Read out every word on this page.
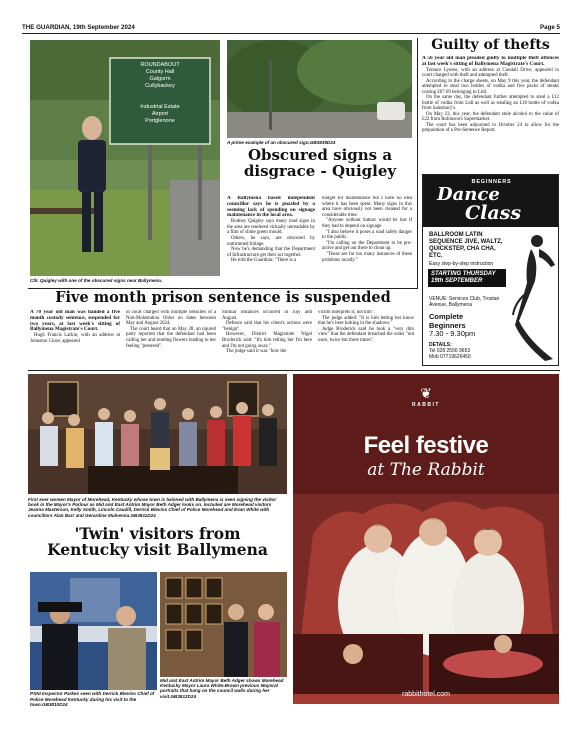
THE GUARDIAN, 19th September 2024	Page 5
ROUNDABOUT
County Hall
Galgorm
Cullybackey
Industrial Estate
Airport
Portglenone
Cllr. Quigley with one of the obscured signs near Ballymena.
A prime example of an obscured sign.GB3839D24
Obscured signs a disgrace - Quigley

A Ballymena based independent councillor says he is puzzled by a seeming lack of spending on signage maintenance in the local area.

Rodney Quigley says many road signs in the area are rendered virtually unreadable by a film of slime green mould.

Others, he says, are obscured by untrimmed foliage.

Now he's demanding that the Department of Infrastructure get their act together.

He told the Guardian: "There is a

budget for maintenance but I have no idea where it has been spent. Many signs in this area have obviously not been cleaned for a considerable time.

"Anyone without Satnav would be lost if they had to depend on signage.

"I also believe it poses a road safety danger to the public.

"I'm calling on the Department to be pro-active and get out there to clean up.

"These are far too many instances of these problems locally."

Guilty of thefts

A 56 year old man pleaded guilty to multiple theft offences at last week's sitting of Ballymena Magistrate's Court.

Terence Lyness, with an address at Cundall Drive, appeared in court charged with theft and attempted theft.

According to the charge sheets, on May 9 this year, the defendant attempted to steal two bottles of vodka and five packs of steaks costing £67.69 belonging to Lidl.

On the same day, the defendant further attempted to steal a £12 bottle of vodka from Lidl as well as stealing an £18 bottle of vodka from Sainsbury's.

On May 23, this year, the defendant stole alcohol to the value of £22 from Robinson's Supermarket.

The court has been adjourned to October 24 to allow for the preparation of a Pre-Sentence Report.

BEGINNERS
Dance
Class
BALLROOM LATIN SEQUENCE JIVE, WALTZ, QUICKSTEP, CHA CHA, ETC.
Easy step-by-step instruction
STARTING THURSDAY 19th SEPTEMBER
VENUE: Services Club, Trostan Avenue, Ballymena
Complete Beginners
7.30 - 9.30pm
DETAILS:
Tel 028 2556 9653
Mob 07719626450
Five month prison sentence is suspended

A 70 year old man was handed a five month custody sentence, suspended for two years, at last week's sitting of Ballymena Magistrate's Court.

Hugh Francis Larkin, with an address at Johnston Close, appeared

in court charged with multiple breaches of a Non-Molestation Order on dates between May and August 2024.

The court heard that on May 28, an injured party reported that the defendant had been calling her and sending flowers leading to her feeling "pestered".

Similar instances occurred in July and August.

Defence said that his client's actions were "benign".

However, District Magistrate Nigel Broderick said: "It's him telling her I'm here and I'm not going away."

The judge said it was "how the

victim interprets it, not him".

The judge added: "It is him letting her know that he's here lurking in the shadows."

Judge Broderick said he took a "very dim view" that the defendant breached the order "not once, twice but three times".

First ever women Mayor of Morehead, Kentucky whose town is twinned with Ballymena is seen signing the visitor book in the Mayor's Parlour as Mid and East Antrim Mayor Beth Adger looks on. Included are Morehead visitors Jeanna Masterson, Kelly Smith, Lincoln Caudill, Derrick Blevins Chief of Police Morehead and Evan White with councillors Alan Barr and Gerardine Mulvenna.GB3811D24
'Twin' visitors from Kentucky visit Ballymena
PSNI Inspector Parkes seen with Derrick Blevins Chief of Police Morehead Kentucky during his visit to the town.GB3810D24
Mid and East Antrim Mayor Beth Adger shows Morehead Kentucky Mayor Laura White-Brown previous Mayoral portraits that hang on the council walls during her visit.GB3812D24
❦
RABBIT
Feel festive
at The Rabbit
rabbithotel.com
